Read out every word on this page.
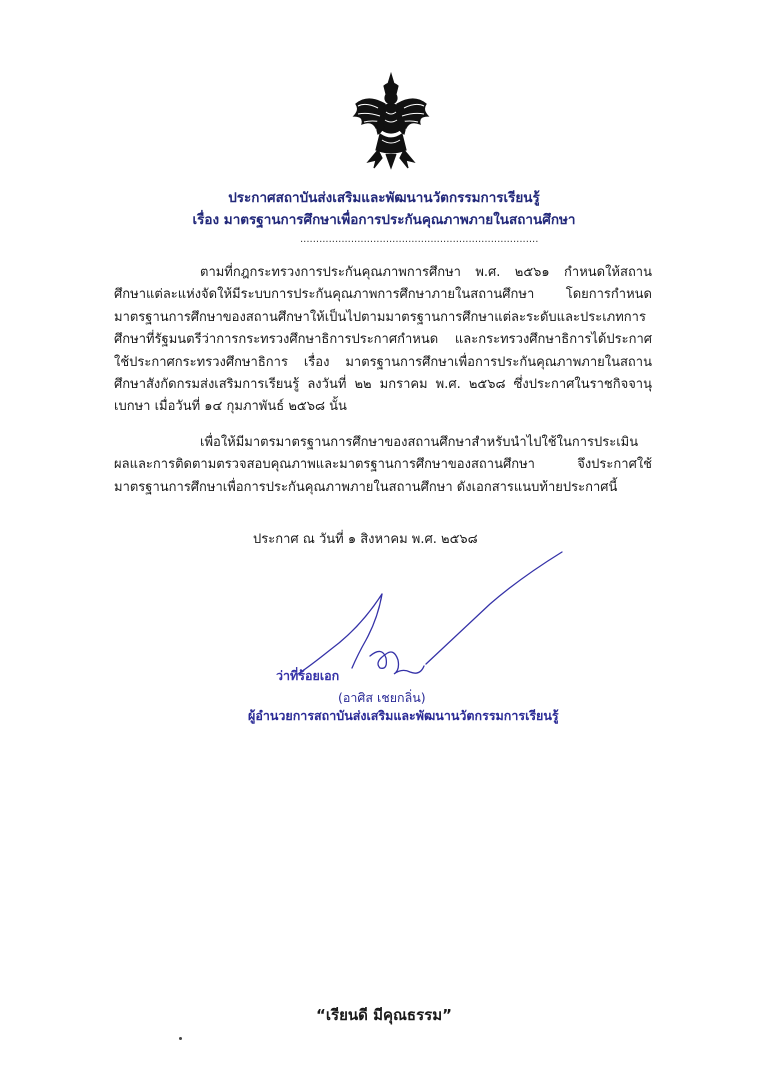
ประกาศสถาบันส่งเสริมและพัฒนานวัตกรรมการเรียนรู้
เรื่อง มาตรฐานการศึกษาเพื่อการประกันคุณภาพภายในสถานศึกษา
...........................................................................
ตามที่กฎกระทรวงการประกันคุณภาพการศึกษา พ.ศ. ๒๕๖๑ กำหนดให้สถานศึกษาแต่ละแห่งจัดให้มีระบบการประกันคุณภาพการศึกษาภายในสถานศึกษา โดยการกำหนดมาตรฐานการศึกษาของสถานศึกษาให้เป็นไปตามมาตรฐานการศึกษาแต่ละระดับและประเภทการศึกษาที่รัฐมนตรีว่าการกระทรวงศึกษาธิการประกาศกำหนด และกระทรวงศึกษาธิการได้ประกาศใช้ประกาศกระทรวงศึกษาธิการ เรื่อง มาตรฐานการศึกษาเพื่อการประกันคุณภาพภายในสถานศึกษาสังกัดกรมส่งเสริมการเรียนรู้ ลงวันที่ ๒๒ มกราคม พ.ศ. ๒๕๖๘ ซึ่งประกาศในราชกิจจานุเบกษา เมื่อวันที่ ๑๔ กุมภาพันธ์ ๒๕๖๘ นั้น
เพื่อให้มีมาตรมาตรฐานการศึกษาของสถานศึกษาสำหรับนำไปใช้ในการประเมินผลและการติดตามตรวจสอบคุณภาพและมาตรฐานการศึกษาของสถานศึกษา จึงประกาศใช้มาตรฐานการศึกษาเพื่อการประกันคุณภาพภายในสถานศึกษา ดังเอกสารแนบท้ายประกาศนี้
ประกาศ ณ วันที่ ๑ สิงหาคม พ.ศ. ๒๕๖๘
ว่าที่ร้อยเอก
(อาศิส เชยกลิ่น)
ผู้อำนวยการสถาบันส่งเสริมและพัฒนานวัตกรรมการเรียนรู้
“เรียนดี มีคุณธรรม”
